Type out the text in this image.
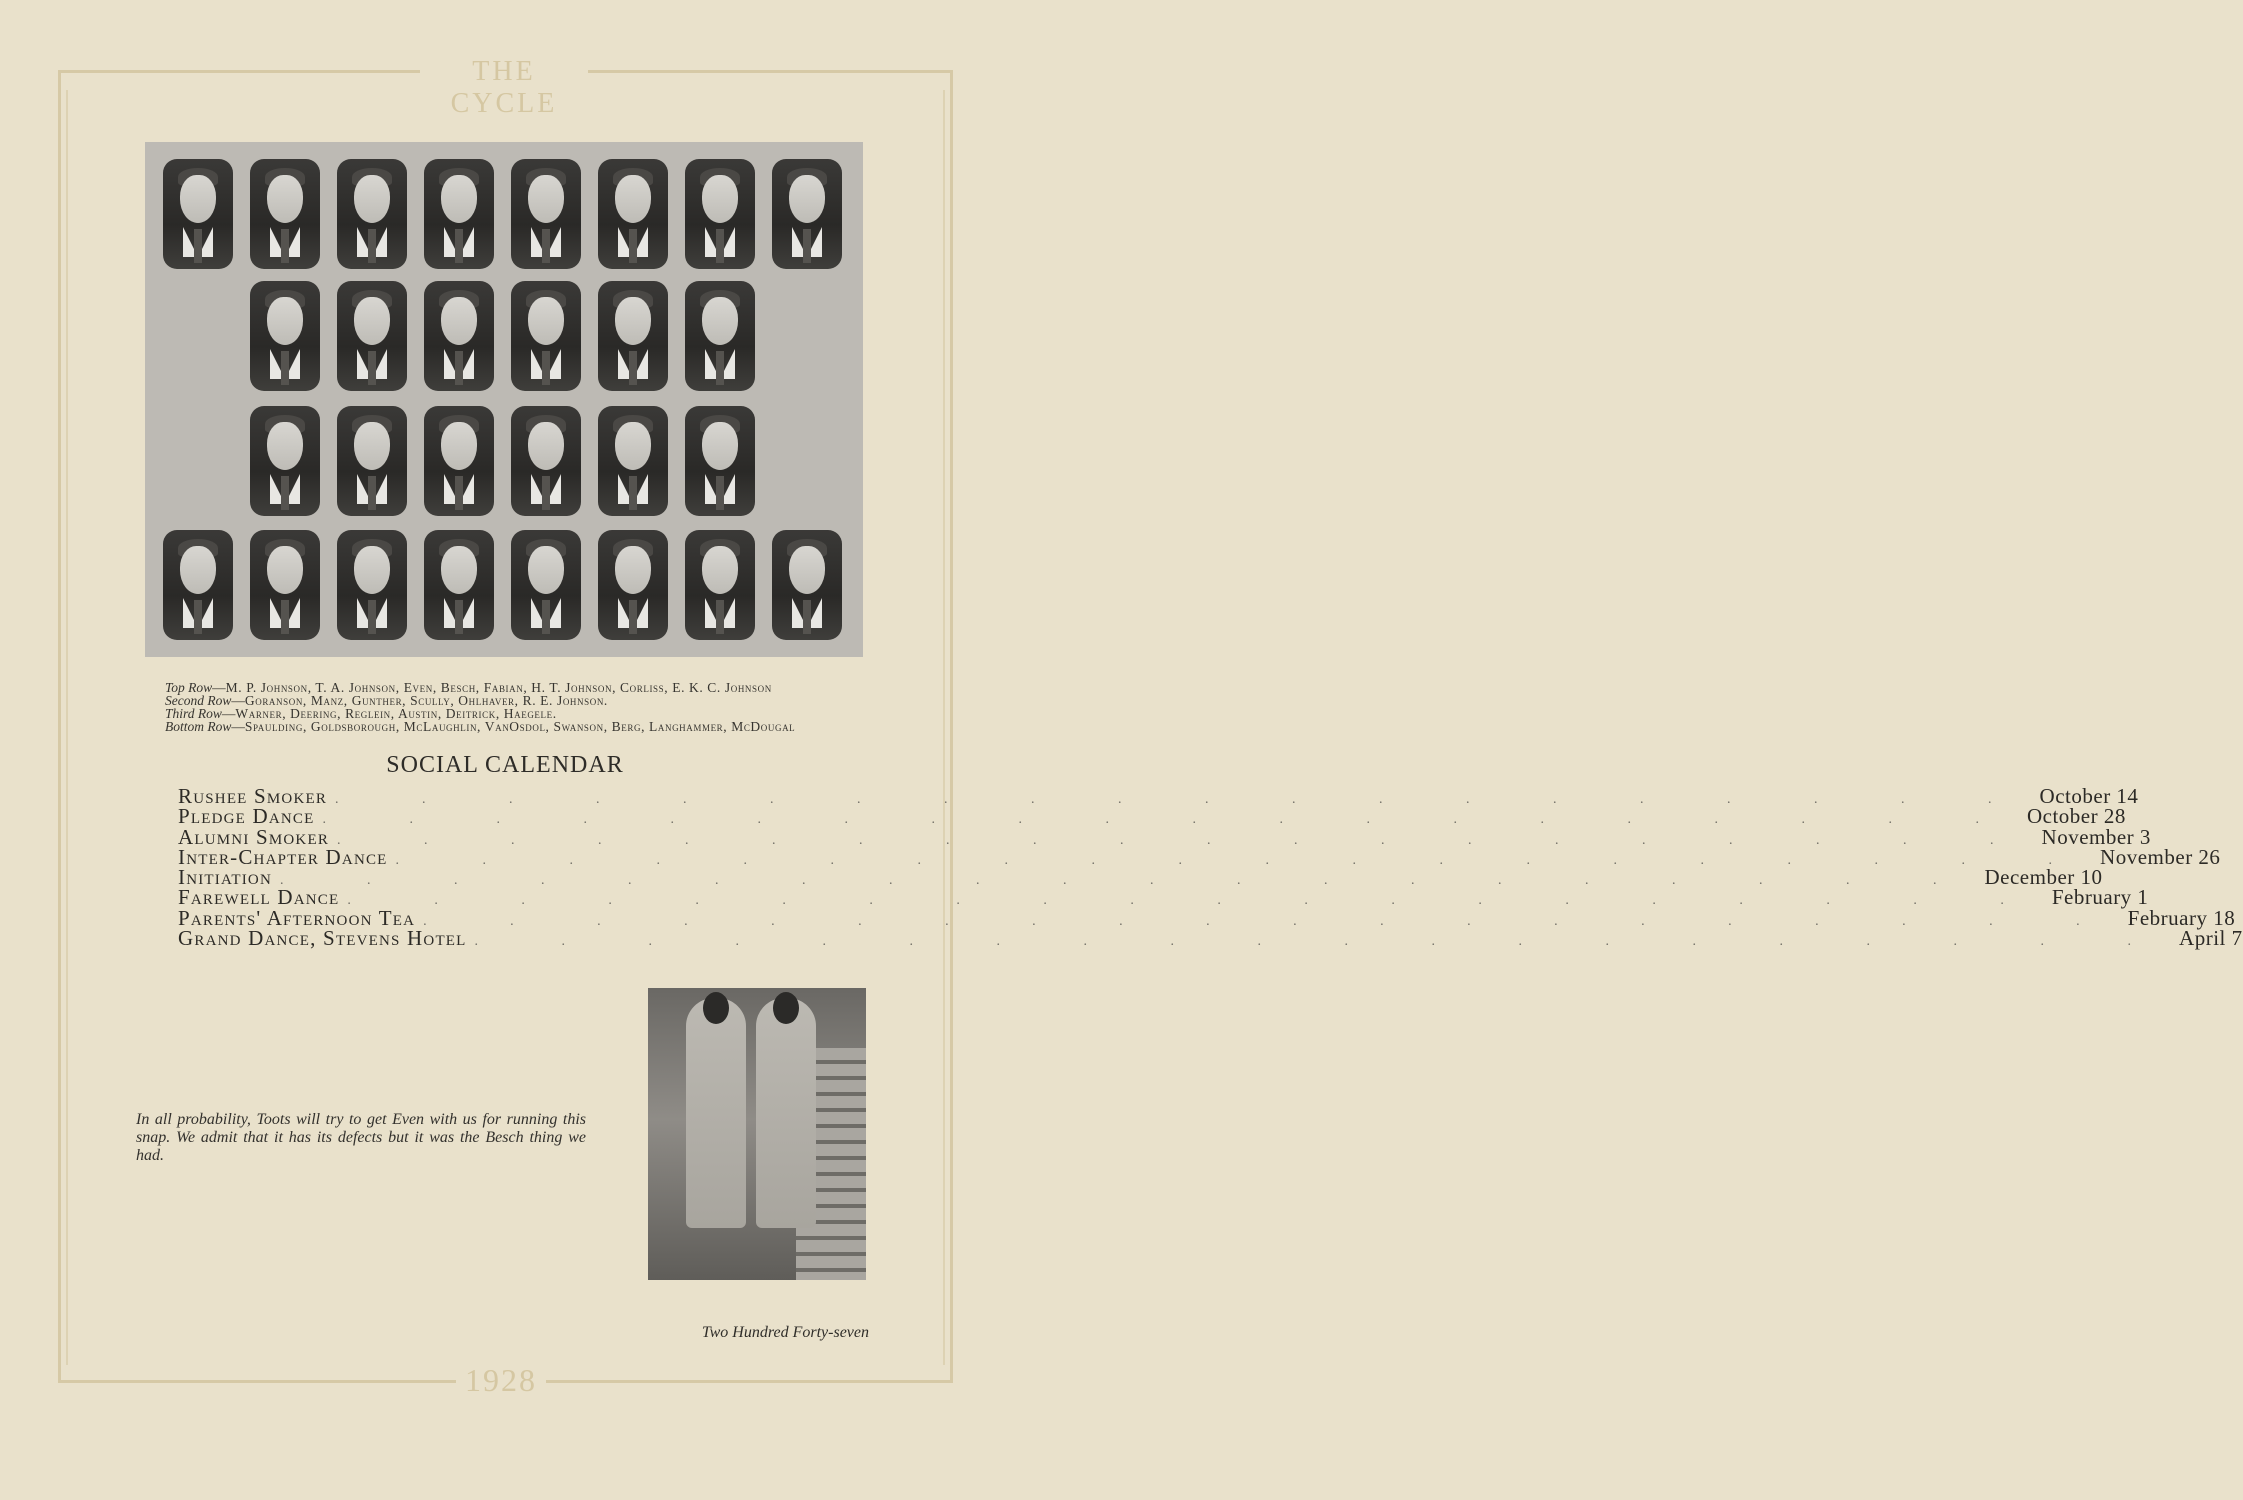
THE CYCLE
Top Row—M. P. Johnson, T. A. Johnson, Even, Besch, Fabian, H. T. Johnson, Corliss, E. K. C. Johnson
Second Row—Goranson, Manz, Gunther, Scully, Ohlhaver, R. E. Johnson.
Third Row—Warner, Deering, Reglein, Austin, Deitrick, Haegele.
Bottom Row—Spaulding, Goldsborough, McLaughlin, VanOsdol, Swanson, Berg, Langhammer, McDougal
SOCIAL CALENDAR
Rushee Smoker . . . . . . . . . . . . . . . . . . . . October 14
Pledge Dance . . . . . . . . . . . . . . . . . . . . October 28
Alumni Smoker . . . . . . . . . . . . . . . . . . . . November 3
Inter-Chapter Dance . . . . . . . . . . . . . . . . . . . . November 26
Initiation . . . . . . . . . . . . . . . . . . . . December 10
Farewell Dance . . . . . . . . . . . . . . . . . . . . February 1
Parents' Afternoon Tea . . . . . . . . . . . . . . . . . . . . February 18
Grand Dance, Stevens Hotel . . . . . . . . . . . . . . . . . . . . April 7
In all probability, Toots will try to get Even with us for running this snap. We admit that it has its defects but it was the Besch thing we had.
Two Hundred Forty-seven
1928
